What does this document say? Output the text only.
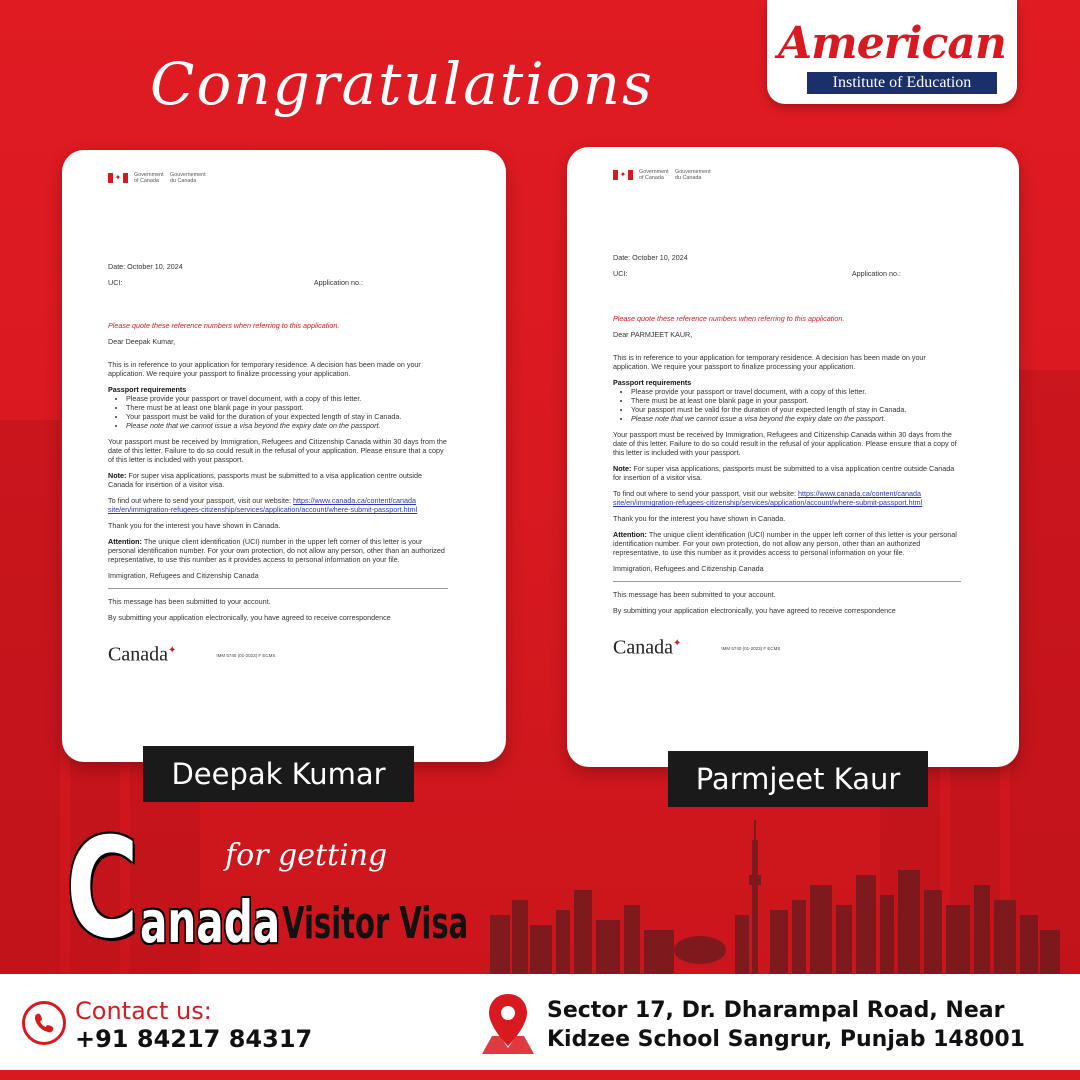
American
Institute of Education
Congratulations
✦	Government of Canada
Gouvernement du Canada

Date: October 10, 2024

UCI:	Application no.:

Please quote these reference numbers when referring to this application.

Dear Deepak Kumar,

This is in reference to your application for temporary residence. A decision has been made on your application. We require your passport to finalize processing your application.

Passport requirements
• Please provide your passport or travel document, with a copy of this letter.
• There must be at least one blank page in your passport.
• Your passport must be valid for the duration of your expected length of stay in Canada.
• Please note that we cannot issue a visa beyond the expiry date on the passport.

Your passport must be received by Immigration, Refugees and Citizenship Canada within 30 days from the date of this letter. Failure to do so could result in the refusal of your application. Please ensure that a copy of this letter is included with your passport.

Note: For super visa applications, passports must be submitted to a visa application centre outside Canada for insertion of a visitor visa.

To find out where to send your passport, visit our website: https://www.canada.ca/content/canada site/en/immigration-refugees-citizenship/services/application/account/where-submit-passport.html

Thank you for the interest you have shown in Canada.

Attention: The unique client identification (UCI) number in the upper left corner of this letter is your personal identification number. For your own protection, do not allow any person, other than an authorized representative, to use this number as it provides access to personal information on your file.

Immigration, Refugees and Citizenship Canada

This message has been submitted to your account.

By submitting your application electronically, you have agreed to receive correspondence

Canada✦	IMM 5740 (01-2023) F ECMS
✦	Government of Canada
Gouvernement du Canada

Date: October 10, 2024

UCI:	Application no.:

Please quote these reference numbers when referring to this application.

Dear PARMJEET KAUR,

This is in reference to your application for temporary residence. A decision has been made on your application. We require your passport to finalize processing your application.

Passport requirements
• Please provide your passport or travel document, with a copy of this letter.
• There must be at least one blank page in your passport.
• Your passport must be valid for the duration of your expected length of stay in Canada.
• Please note that we cannot issue a visa beyond the expiry date on the passport.

Your passport must be received by Immigration, Refugees and Citizenship Canada within 30 days from the date of this letter. Failure to do so could result in the refusal of your application. Please ensure that a copy of this letter is included with your passport.

Note: For super visa applications, passports must be submitted to a visa application centre outside Canada for insertion of a visitor visa.

To find out where to send your passport, visit our website: https://www.canada.ca/content/canada site/en/immigration-refugees-citizenship/services/application/account/where-submit-passport.html

Thank you for the interest you have shown in Canada.

Attention: The unique client identification (UCI) number in the upper left corner of this letter is your personal identification number. For your own protection, do not allow any person, other than an authorized representative, to use this number as it provides access to personal information on your file.

Immigration, Refugees and Citizenship Canada

This message has been submitted to your account.

By submitting your application electronically, you have agreed to receive correspondence

Canada✦	IMM 5740 (01-2023) F ECMS
Deepak Kumar	Parmjeet Kaur
C	for getting
anada Visitor Visa
Contact us:
+91 84217 84317
Sector 17, Dr. Dharampal Road, Near Kidzee School Sangrur, Punjab 148001
